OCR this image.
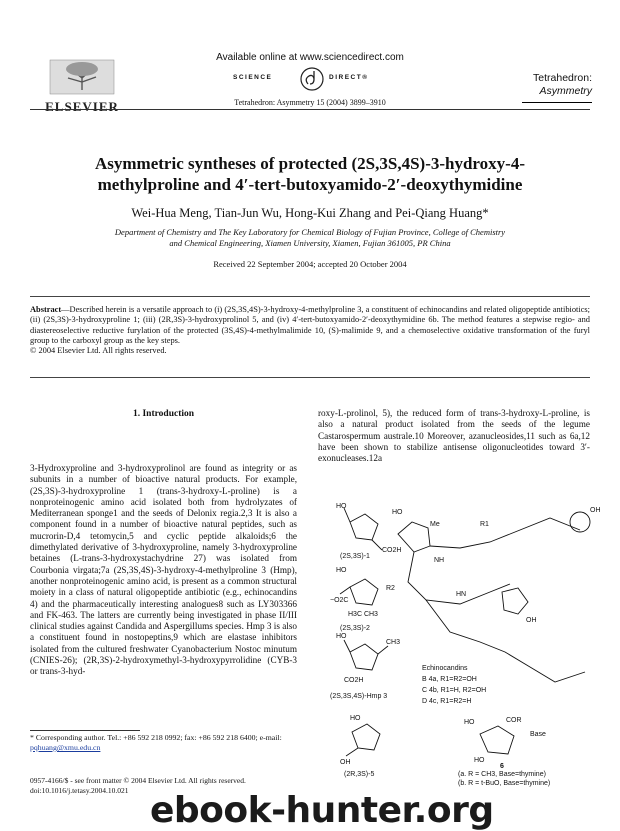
ELSEVIER
Available online at www.sciencedirect.com
SCIENCE	DIRECT®
Tetrahedron: Asymmetry 15 (2004) 3899–3910
Tetrahedron:
Asymmetry
Asymmetric syntheses of protected (2S,3S,4S)-3-hydroxy-4-
methylproline and 4′-tert-butoxyamido-2′-deoxythymidine
Wei-Hua Meng, Tian-Jun Wu, Hong-Kui Zhang and Pei-Qiang Huang*
Department of Chemistry and The Key Laboratory for Chemical Biology of Fujian Province, College of Chemistry
and Chemical Engineering, Xiamen University, Xiamen, Fujian 361005, PR China
Received 22 September 2004; accepted 20 October 2004
Abstract—Described herein is a versatile approach to (i) (2S,3S,4S)-3-hydroxy-4-methylproline 3, a constituent of echinocandins and related oligopeptide antibiotics; (ii) (2S,3S)-3-hydroxyproline 1; (iii) (2R,3S)-3-hydroxyprolinol 5, and (iv) 4′-tert-butoxyamido-2′-deoxythymidine 6b. The method features a stepwise regio- and diastereoselective reductive furylation of the protected (3S,4S)-4-methylmalimide 10, (S)-malimide 9, and a chemoselective oxidative transformation of the furyl group to the carboxyl group as the key steps.
© 2004 Elsevier Ltd. All rights reserved.
1. Introduction
3-Hydroxyproline and 3-hydroxyprolinol are found as integrity or as subunits in a number of bioactive natural products. For example, (2S,3S)-3-hydroxyproline 1 (trans-3-hydroxy-L-proline) is a nonproteinogenic amino acid isolated both from hydrolyzates of Mediterranean sponge1 and the seeds of Delonix regia.2,3 It is also a component found in a number of bioactive natural peptides, such as mucrorin-D,4 tetomycin,5 and cyclic peptide alkaloids;6 the dimethylated derivative of 3-hydroxyproline, namely 3-hydroxyproline betaines (L-trans-3-hydroxystachydrine 27) was isolated from Courbonia virgata;7a (2S,3S,4S)-3-hydroxy-4-methylproline 3 (Hmp), another nonproteinogenic amino acid, is present as a common structural moiety in a class of natural oligopeptide antibiotic (e.g., echinocandins 4) and the pharmaceutically interesting analogues8 such as LY303366 and FK-463. The latters are currently being investigated in phase II/III clinical studies against Candida and Aspergillums species. Hmp 3 is also a constituent found in nostopeptins,9 which are elastase inhibitors isolated from the cultured freshwater Cyanobacterium Nostoc minutum (CNIES-26); (2R,3S)-2-hydroxymethyl-3-hydroxypyrrolidine (CYB-3 or trans-3-hyd-
roxy-L-prolinol, 5), the reduced form of trans-3-hydroxy-L-proline, is also a natural product isolated from the seeds of the legume Castarospermum australe.10 Moreover, azanucleosides,11 such as 6a,12 have been shown to stabilize antisense oligonucleotides toward 3′-exonucleases.12a
HO
CO2H
(2S,3S)-1
HO
−O2C
H3C CH3
(2S,3S)-2
HO
CH3
CO2H
(2S,3S,4S)-Hmp 3
HO
OH
(2R,3S)-5
HO
Me	R1
OH
NH
R2
HN
OH
Echinocandins
B 4a, R1=R2=OH
C 4b, R1=H, R2=OH
D 4c, R1=R2=H
HO	COR
Base
HO
6
(a. R = CH3, Base=thymine)
(b. R = t-BuO, Base=thymine)
* Corresponding author. Tel.: +86 592 218 0992; fax: +86 592 218 6400; e-mail: pqhuang@xmu.edu.cn
0957-4166/$ - see front matter © 2004 Elsevier Ltd. All rights reserved.
doi:10.1016/j.tetasy.2004.10.021 ebook-hunter.org
